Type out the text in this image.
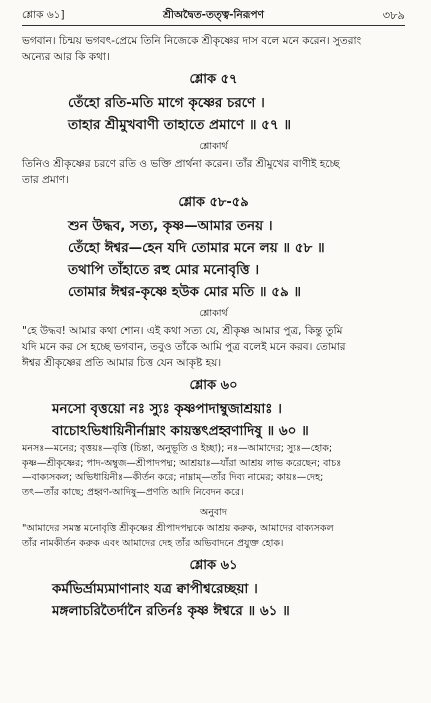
শ্লোক ৬১]	শ্রীঅদ্বৈত-তত্ত্ব-নিরূপণ	৩৮৯

ভগবান। চিন্ময় ভগবৎ-প্রেমে তিনি নিজেকে শ্রীকৃষ্ণের দাস বলে মনে করেন। সুতরাং
অন্যের আর কি কথা।

শ্লোক ৫৭

তেঁহো রতি-মতি মাগে কৃষ্ণের চরণে ।

তাহার শ্রীমুখবাণী তাহাতে প্রমাণে ॥ ৫৭ ॥

শ্লোকার্থ

তিনিও শ্রীকৃষ্ণের চরণে রতি ও ভক্তি প্রার্থনা করেন। তাঁর শ্রীমুখের বাণীই হচ্ছে
তার প্রমাণ।

শ্লোক ৫৮-৫৯

শুন উদ্ধব, সত্য, কৃষ্ণ—আমার তনয় ।

তেঁহো ঈশ্বর—হেন যদি তোমার মনে লয় ॥ ৫৮ ॥

তথাপি তাঁহাতে রহু মোর মনোবৃত্তি ।

তোমার ঈশ্বর-কৃষ্ণে হউক মোর মতি ॥ ৫৯ ॥

শ্লোকার্থ

"হে উদ্ধব! আমার কথা শোন। এই কথা সত্য যে, শ্রীকৃষ্ণ আমার পুত্র, কিন্তু তুমি
যদি মনে কর সে হচ্ছে ভগবান, তবুও তাঁকে আমি পুত্র বলেই মনে করব। তোমার
ঈশ্বর শ্রীকৃষ্ণের প্রতি আমার চিত্ত যেন আকৃষ্ট হয়।

শ্লোক ৬০

মনসো বৃত্তয়ো নঃ স্যুঃ কৃষ্ণপাদাম্বুজাশ্রয়াঃ ।

বাচোঽভিধায়িনীর্নাম্নাং কায়স্তৎপ্রহ্বণাদিষু ॥ ৬০ ॥

মনসঃ—মনের; বৃত্তয়ঃ—বৃত্তি (চিন্তা, অনুভূতি ও ইচ্ছা); নঃ—আমাদের; স্যুঃ—হোক;
কৃষ্ণ—শ্রীকৃষ্ণের; পাদ-অম্বুজ—শ্রীপাদপদ্ম; আশ্রয়াঃ—যাঁরা আশ্রয় লাভ করেছেন; বাচঃ
—বাক্যসকল; অভিধায়িনীঃ—কীর্তন করে; নাম্নাম্—তাঁর দিব্য নামের; কায়ঃ—দেহ;
তৎ—তাঁর কাছে; প্রহ্বণ-আদিষু—প্রণতি আদি নিবেদন করে।

অনুবাদ

"আমাদের সমস্ত মনোবৃত্তি শ্রীকৃষ্ণের শ্রীপাদপদ্মকে আশ্রয় করুক, আমাদের বাক্যসকল
তাঁর নামকীর্তন করুক এবং আমাদের দেহ তাঁর অভিবাদনে প্রযুক্ত হোক।

শ্লোক ৬১

কর্মভির্ভ্রাম্যমাণানাং যত্র ক্বাপীশ্বরেচ্ছয়া ।

মঙ্গলাচরিতৈর্দানৈ রতির্নঃ কৃষ্ণ ঈশ্বরে ॥ ৬১ ॥
